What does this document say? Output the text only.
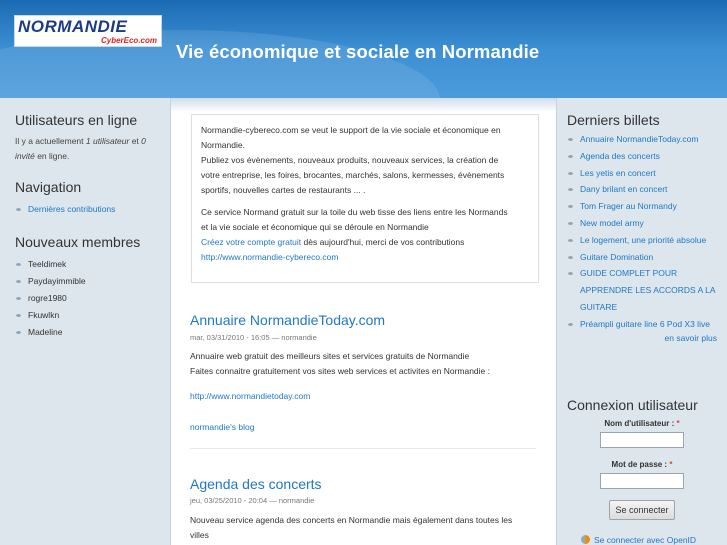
NORMANDIE
CyberEco.com
Vie économique et sociale en Normandie
Utilisateurs en ligne

Il y a actuellement 1 utilisateur et 0 invité en ligne.

Navigation
Dernières contributions
Nouveaux membres
Teeldimek
Paydayimmible
rogre1980
Fkuwlkn
Madeline
Normandie-cybereco.com se veut le support de la vie sociale et économique en
Normandie.
Publiez vos évènements, nouveaux produits, nouveaux services, la création de
votre entreprise, les foires, brocantes, marchés, salons, kermesses, évènements
sportifs, nouvelles cartes de restaurants ... .
Ce service Normand gratuit sur la toile du web tisse des liens entre les Normands
et la vie sociale et économique qui se déroule en Normandie
Créez votre compte gratuit dès aujourd'hui, merci de vos contributions
http://www.normandie-cybereco.com
Annuaire NormandieToday.com
mar, 03/31/2010 - 16:05 — normandie
Annuaire web gratuit des meilleurs sites et services gratuits de Normandie
Faites connaitre gratuitement vos sites web services et activites en Normandie :
http://www.normandietoday.com
normandie's blog
Agenda des concerts
jeu, 03/25/2010 - 20:04 — normandie
Nouveau service agenda des concerts en Normandie mais également dans toutes les
villes
Derniers billets
Annuaire NormandieToday.com
Agenda des concerts
Les yetis en concert
Dany brilant en concert
Tom Frager au Normandy
New model army
Le logement, une priorité absolue
Guitare Domination
GUIDE COMPLET POUR APPRENDRE LES ACCORDS A LA GUITARE
Préampli guitare line 6 Pod X3 live
en savoir plus
Connexion utilisateur
Nom d'utilisateur : *
Mot de passe : *
Se connecter
Se connecter avec OpenID
